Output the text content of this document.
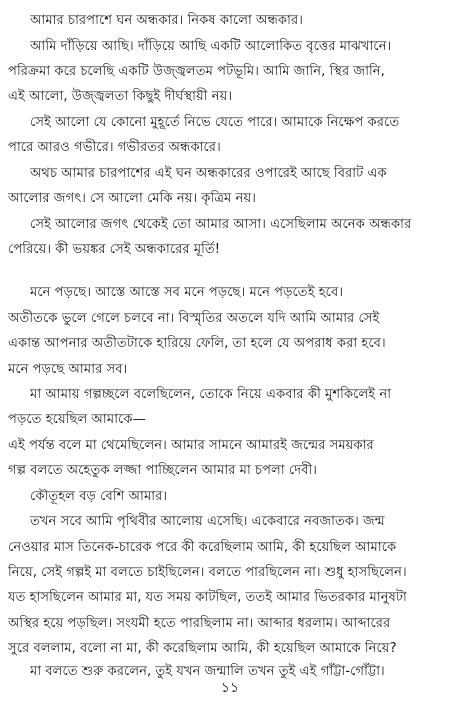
আমার চারপাশে ঘন অন্ধকার। নিকষ কালো অন্ধকার।
আমি দাঁড়িয়ে আছি। দাঁড়িয়ে আছি একটি আলোকিত বৃত্তের মাঝখানে।
পরিক্রমা করে চলেছি একটি উজ্জ্বলতম পটভূমি। আমি জানি, স্থির জানি,
এই আলো, উজ্জ্বলতা কিছুই দীর্ঘস্থায়ী নয়।
সেই আলো যে কোনো মুহূর্তে নিভে যেতে পারে। আমাকে নিক্ষেপ করতে
পারে আরও গভীরে। গভীরতর অন্ধকারে।
অথচ আমার চারপাশের এই ঘন অন্ধকারের ওপারেই আছে বিরাট এক
আলোর জগৎ। সে আলো মেকি নয়। কৃত্রিম নয়।
সেই আলোর জগৎ থেকেই তো আমার আসা। এসেছিলাম অনেক অন্ধকার
পেরিয়ে। কী ভয়ঙ্কর সেই অন্ধকারের মূর্তি!
মনে পড়ছে। আস্তে আস্তে সব মনে পড়ছে। মনে পড়তেই হবে।
অতীতকে ভুলে গেলে চলবে না। বিস্মৃতির অতলে যদি আমি আমার সেই
একান্ত আপনার অতীতটাকে হারিয়ে ফেলি, তা হলে যে অপরাধ করা হবে।
মনে পড়ছে আমার সব।
মা আমায় গল্পচ্ছলে বলেছিলেন, তোকে নিয়ে একবার কী মুশকিলেই না
পড়তে হয়েছিল আমাকে—
এই পর্যন্ত বলে মা থেমেছিলেন। আমার সামনে আমারই জন্মের সময়কার
গল্প বলতে অহেতুক লজ্জা পাচ্ছিলেন আমার মা চপলা দেবী।
কৌতূহল বড় বেশি আমার।
তখন সবে আমি পৃথিবীর আলোয় এসেছি। একেবারে নবজাতক। জন্ম
নেওয়ার মাস তিনেক-চারেক পরে কী করেছিলাম আমি, কী হয়েছিল আমাকে
নিয়ে, সেই গল্পই মা বলতে চাইছিলেন। বলতে পারছিলেন না। শুধু হাসছিলেন।
যত হাসছিলেন আমার মা, যত সময় কাটছিল, ততই আমার ভিতরকার মানুষটা
অস্থির হয়ে পড়ছিল। সংযমী হতে পারছিলাম না। আব্দার ধরলাম। আব্দারের
সুরে বললাম, বলো না মা, কী করেছিলাম আমি, কী হয়েছিল আমাকে নিয়ে?
মা বলতে শুরু করলেন, তুই যখন জন্মালি তখন তুই এই গাঁট্টা-গোঁট্টা।
১১
